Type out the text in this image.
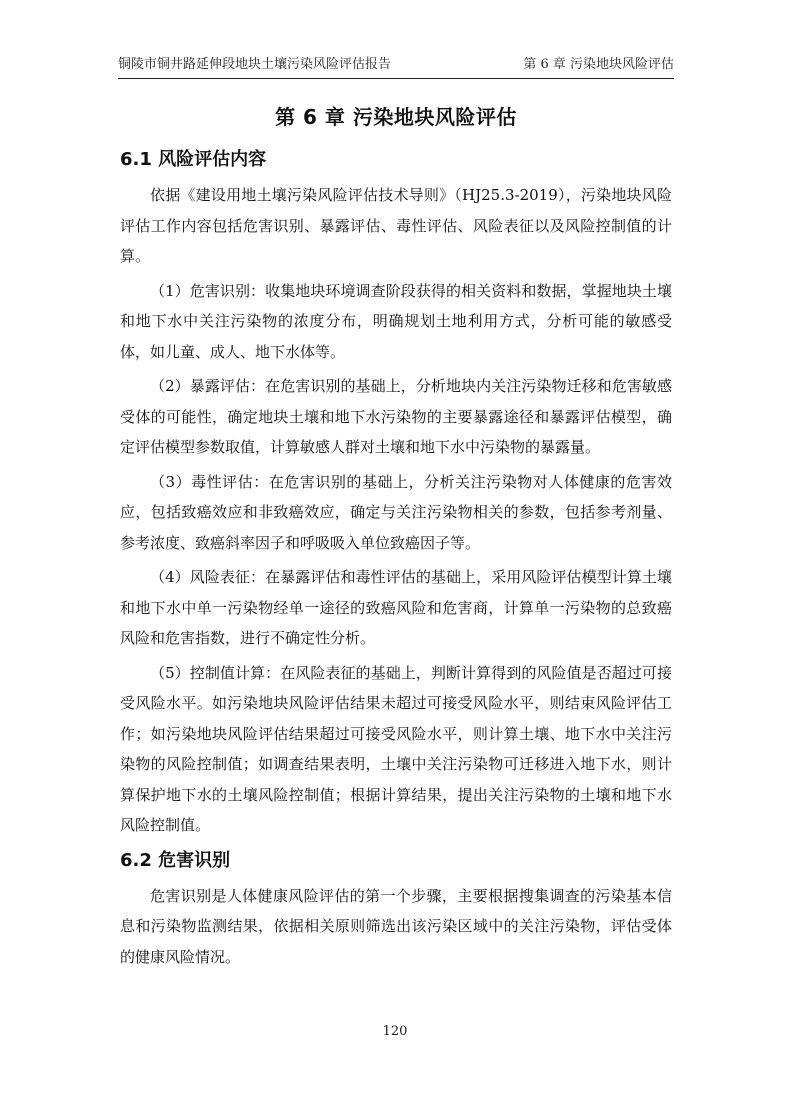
铜陵市铜井路延伸段地块土壤污染风险评估报告	第 6 章 污染地块风险评估
第 6 章 污染地块风险评估
6.1 风险评估内容

依据《建设用地土壤污染风险评估技术导则》（HJ25.3-2019），污染地块风险评估工作内容包括危害识别、暴露评估、毒性评估、风险表征以及风险控制值的计算。

（1）危害识别：收集地块环境调查阶段获得的相关资料和数据，掌握地块土壤和地下水中关注污染物的浓度分布，明确规划土地利用方式，分析可能的敏感受体，如儿童、成人、地下水体等。

（2）暴露评估：在危害识别的基础上，分析地块内关注污染物迁移和危害敏感受体的可能性，确定地块土壤和地下水污染物的主要暴露途径和暴露评估模型，确定评估模型参数取值，计算敏感人群对土壤和地下水中污染物的暴露量。

（3）毒性评估：在危害识别的基础上，分析关注污染物对人体健康的危害效应，包括致癌效应和非致癌效应，确定与关注污染物相关的参数，包括参考剂量、参考浓度、致癌斜率因子和呼吸吸入单位致癌因子等。

（4）风险表征：在暴露评估和毒性评估的基础上，采用风险评估模型计算土壤和地下水中单一污染物经单一途径的致癌风险和危害商，计算单一污染物的总致癌风险和危害指数，进行不确定性分析。

（5）控制值计算：在风险表征的基础上，判断计算得到的风险值是否超过可接受风险水平。如污染地块风险评估结果未超过可接受风险水平，则结束风险评估工作；如污染地块风险评估结果超过可接受风险水平，则计算土壤、地下水中关注污染物的风险控制值；如调查结果表明，土壤中关注污染物可迁移进入地下水，则计算保护地下水的土壤风险控制值；根据计算结果，提出关注污染物的土壤和地下水风险控制值。

6.2 危害识别

危害识别是人体健康风险评估的第一个步骤，主要根据搜集调查的污染基本信息和污染物监测结果，依据相关原则筛选出该污染区域中的关注污染物，评估受体的健康风险情况。

120
